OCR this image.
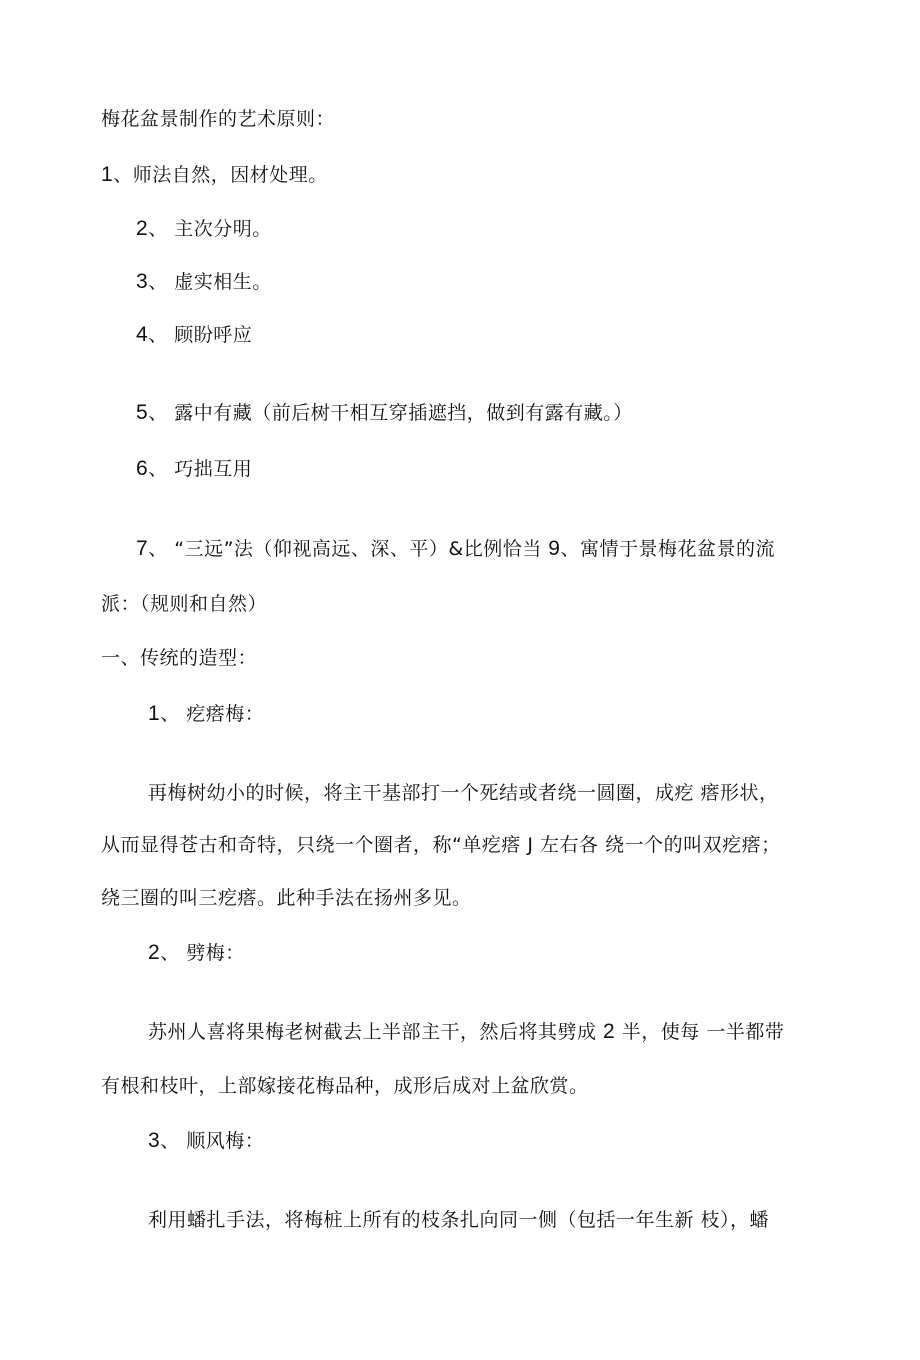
梅花盆景制作的艺术原则：
1、师法自然，因材处理。
2、 主次分明。
3、 虚实相生。
4、 顾盼呼应
5、 露中有藏（前后树干相互穿插遮挡，做到有露有藏。）
6、 巧拙互用
7、 “三远”法（仰视高远、深、平）&比例恰当 9、寓情于景梅花盆景的流
派：（规则和自然）
一、传统的造型：
1、 疙瘩梅：
再梅树幼小的时候，将主干基部打一个死结或者绕一圆圈，成疙 瘩形状，
从而显得苍古和奇特，只绕一个圈者，称“单疙瘩 J 左右各 绕一个的叫双疙瘩；
绕三圈的叫三疙瘩。此种手法在扬州多见。
2、 劈梅：
苏州人喜将果梅老树截去上半部主干，然后将其劈成 2 半，使每 一半都带
有根和枝叶，上部嫁接花梅品种，成形后成对上盆欣赏。
3、 顺风梅：
利用蟠扎手法，将梅桩上所有的枝条扎向同一侧（包括一年生新 枝），蟠
